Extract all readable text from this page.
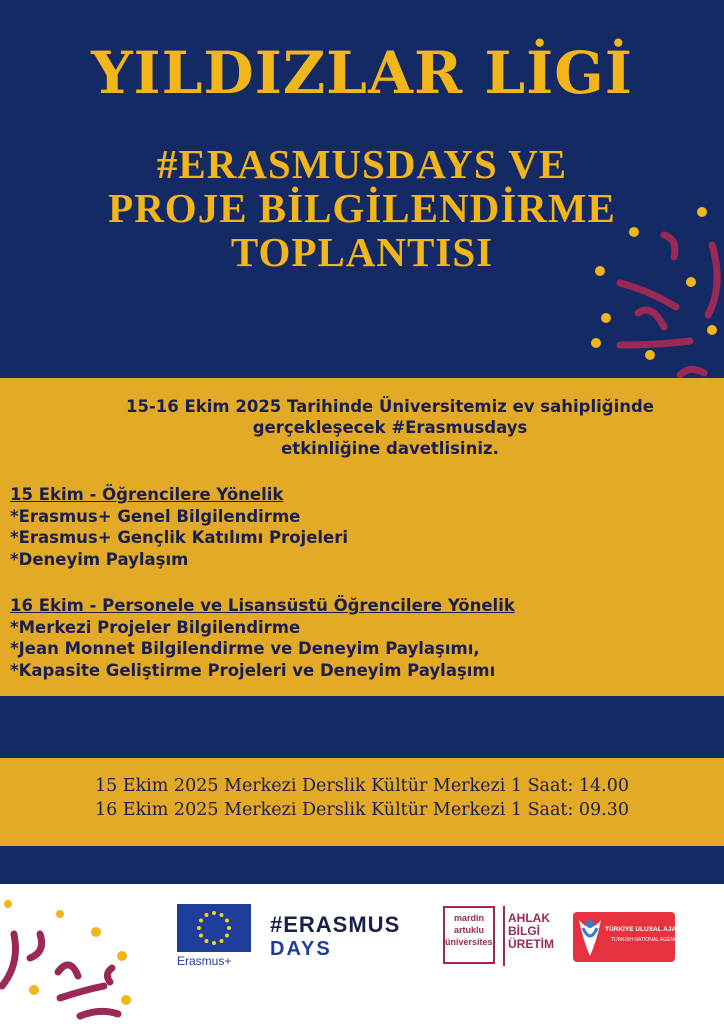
YILDIZLAR LİGİ
#ERASMUSDAYS VE
PROJE BİLGİLENDİRME
TOPLANTISI
15-16 Ekim 2025 Tarihinde Üniversitemiz ev sahipliğinde
gerçekleşecek #Erasmusdays
etkinliğine davetlisiniz.
15 Ekim - Öğrencilere Yönelik
*Erasmus+ Genel Bilgilendirme
*Erasmus+ Gençlik Katılımı Projeleri
*Deneyim Paylaşım
16 Ekim - Personele ve Lisansüstü Öğrencilere Yönelik
*Merkezi Projeler Bilgilendirme
*Jean Monnet Bilgilendirme ve Deneyim Paylaşımı,
*Kapasite Geliştirme Projeleri ve Deneyim Paylaşımı
15 Ekim 2025 Merkezi Derslik Kültür Merkezi 1 Saat: 14.00
16 Ekim 2025 Merkezi Derslik Kültür Merkezi 1 Saat: 09.30
Erasmus+
#ERASMUS
DAYS
mardin
artuklu
üniversitesi
AHLAK
BİLGİ
ÜRETİM
TÜRKİYE ULUSAL AJANSI
TURKISH NATIONAL AGENCY
